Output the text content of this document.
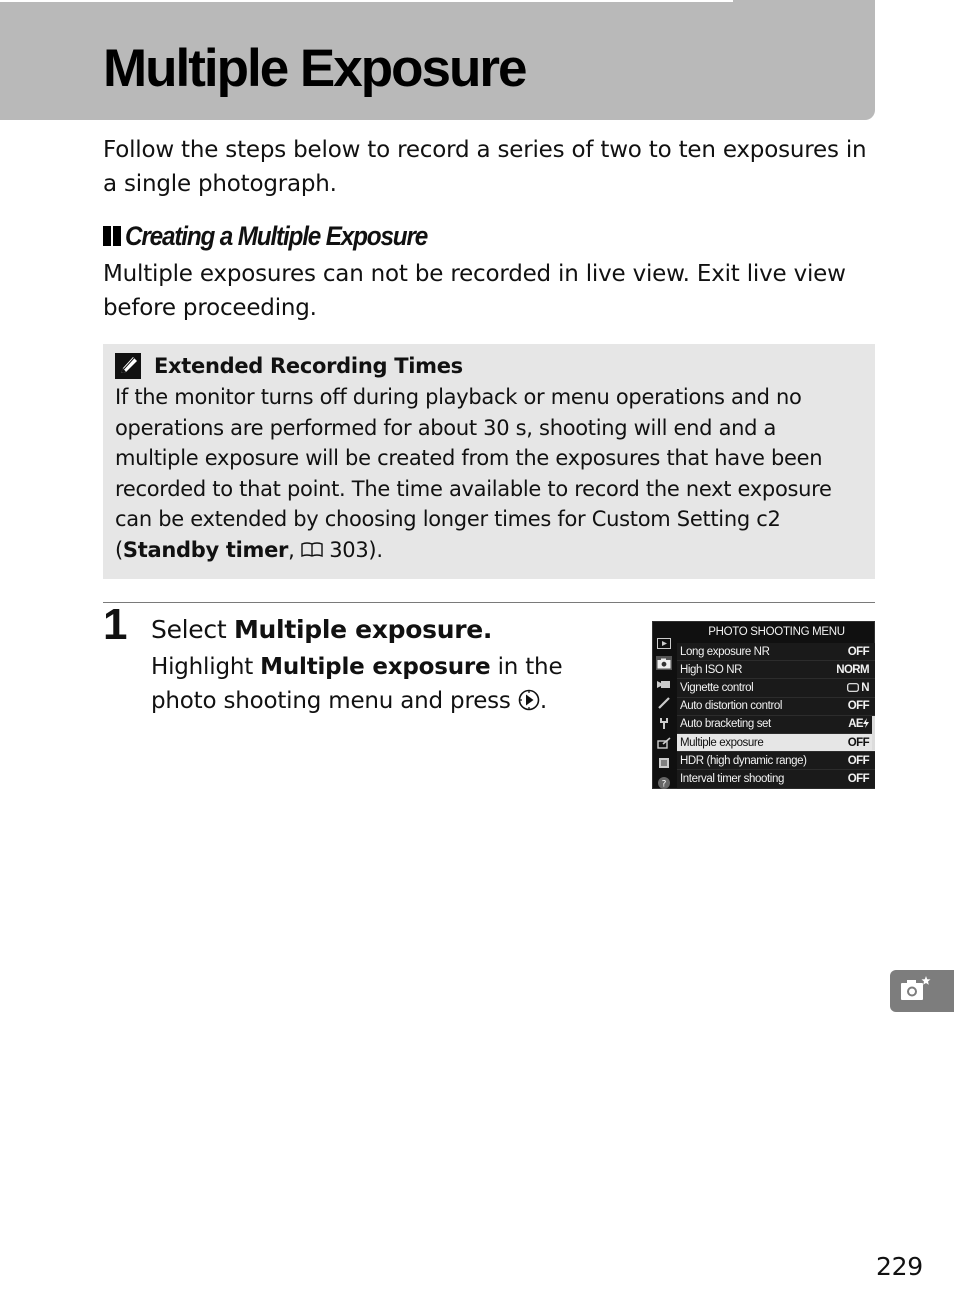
Multiple Exposure

Follow the steps below to record a series of two to ten exposures in a single photograph.

Creating a Multiple Exposure

Multiple exposures can not be recorded in live view. Exit live view before proceeding.

Extended Recording Times

If the monitor turns off during playback or menu operations and no operations are performed for about 30 s, shooting will end and a multiple exposure will be created from the exposures that have been recorded to that point. The time available to record the next exposure can be extended by choosing longer times for Custom Setting c2 (Standby timer,  303).

1 Select Multiple exposure.

Highlight Multiple exposure in the photo shooting menu and press .

PHOTO SHOOTING MENU
?
Long exposure NR	OFF
High ISO NR	NORM
Vignette control	N
Auto distortion control	OFF
Auto bracketing set	AE
Multiple exposure	OFF
HDR (high dynamic range)	OFF
Interval timer shooting	OFF
229
